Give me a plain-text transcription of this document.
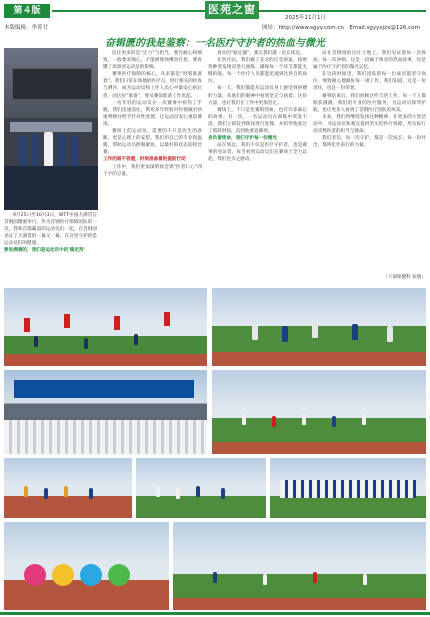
第４版	医苑之窗
2025年11月1日
本版编辑：李菁甘	网址：http://www.sgyy.com.cn　Email:sgyyxjzx@126.com
奋辑匮的我是鉴察：一名医疗守护者的热血与微光

9月25日至10月3日，WTT中国大满贯在首钢园隆重举行。作为首钢医疗保障团队的一员，我和首都霸道的运动员们一起，在首钢园见证了大满贯的一幕又一幕，在这里守护的是运动员们的健康。

要进满满的，我们是运动员中的'镇定剂'

信任更多的是“定力”与担当，要有耐心和细致，一般要求细心，不能被现场嘈杂打扰。要看懂了场景对运动员的影响。

赛事医疗保障的核心，从来都是“时刻准备着”。我们日常在场地的医疗点，进行相关的检查与测评，成为运动员和工作人员心中最安心的后盾，而这份“准备”，要从赛前准备工作说起。

一名年轻的运动员在一次赛事中扭伤了手腕，我们迅速前往，利用多年经验对伤情做出快速判断并给予针对性处理，让运动员安心重返赛场。

赛场上的运动员，需要的不只是医生的诊断，更是心理上的安慰。我们用自己的专业和温暖，帮助运动员摆脱紧张，以最好的状态迎接比赛。

工作的刻不容缓，时刻准备着的提前行动

工作中，我们更加深刻体会到“医者仁心”四个字的分量。

真实的“稳定器”，那么我们就一直在场边。

在医疗站，我们做了充分的应急预案，按照各种突发情况进行演练，确保每一个环节都能无缝衔接。每一个医疗人员都能迅速到达各自的岗位。

每一天，我们都能从运动员身上感受到拼搏的力量，从他们的眼神中看到坚定与执着。这份力量，也让我们在工作中更加坚定。

赛场上，不只是比赛的热血，也有许多幕后的故事。有一次，一名运动员在训练中突发不适，我们立即赶到现场进行处理，并陪伴他度过了那段时间，直到他重返赛场。

身负着使命，我们守护每一份微光

站在场边，我们不仅是医疗守护者，也是赛事的见证者。每当看到运动员们在赛场上全力以赴，我们也为之感动。

站在首钢园的这片土地上，我们见证着每一次挥拍，每一次冲刺。这是一段属于体育的热血故事，也是属于医疗守护者的微光记忆。

在这段时间里，我们团队的每一位成员都坚守岗位，细致耐心地做好每一项工作。我们知道，这是一份责任，也是一份荣誉。

赛事结束后，我们回顾这些天的工作，每一个人都收获满满。我们用专业的医疗服务，为运动员保驾护航，也让更多人看到了首钢医疗团队的风采。

未来，我们将继续发扬这种精神，在更多的大型活动中，为运动员和观众提供坚实的医疗保障，用实际行动诠释医者的担当与使命。

我们坚信，每一次守护，都是一次成长；每一份付出，都将化作前行的力量。

（干部保健科 张婧）
